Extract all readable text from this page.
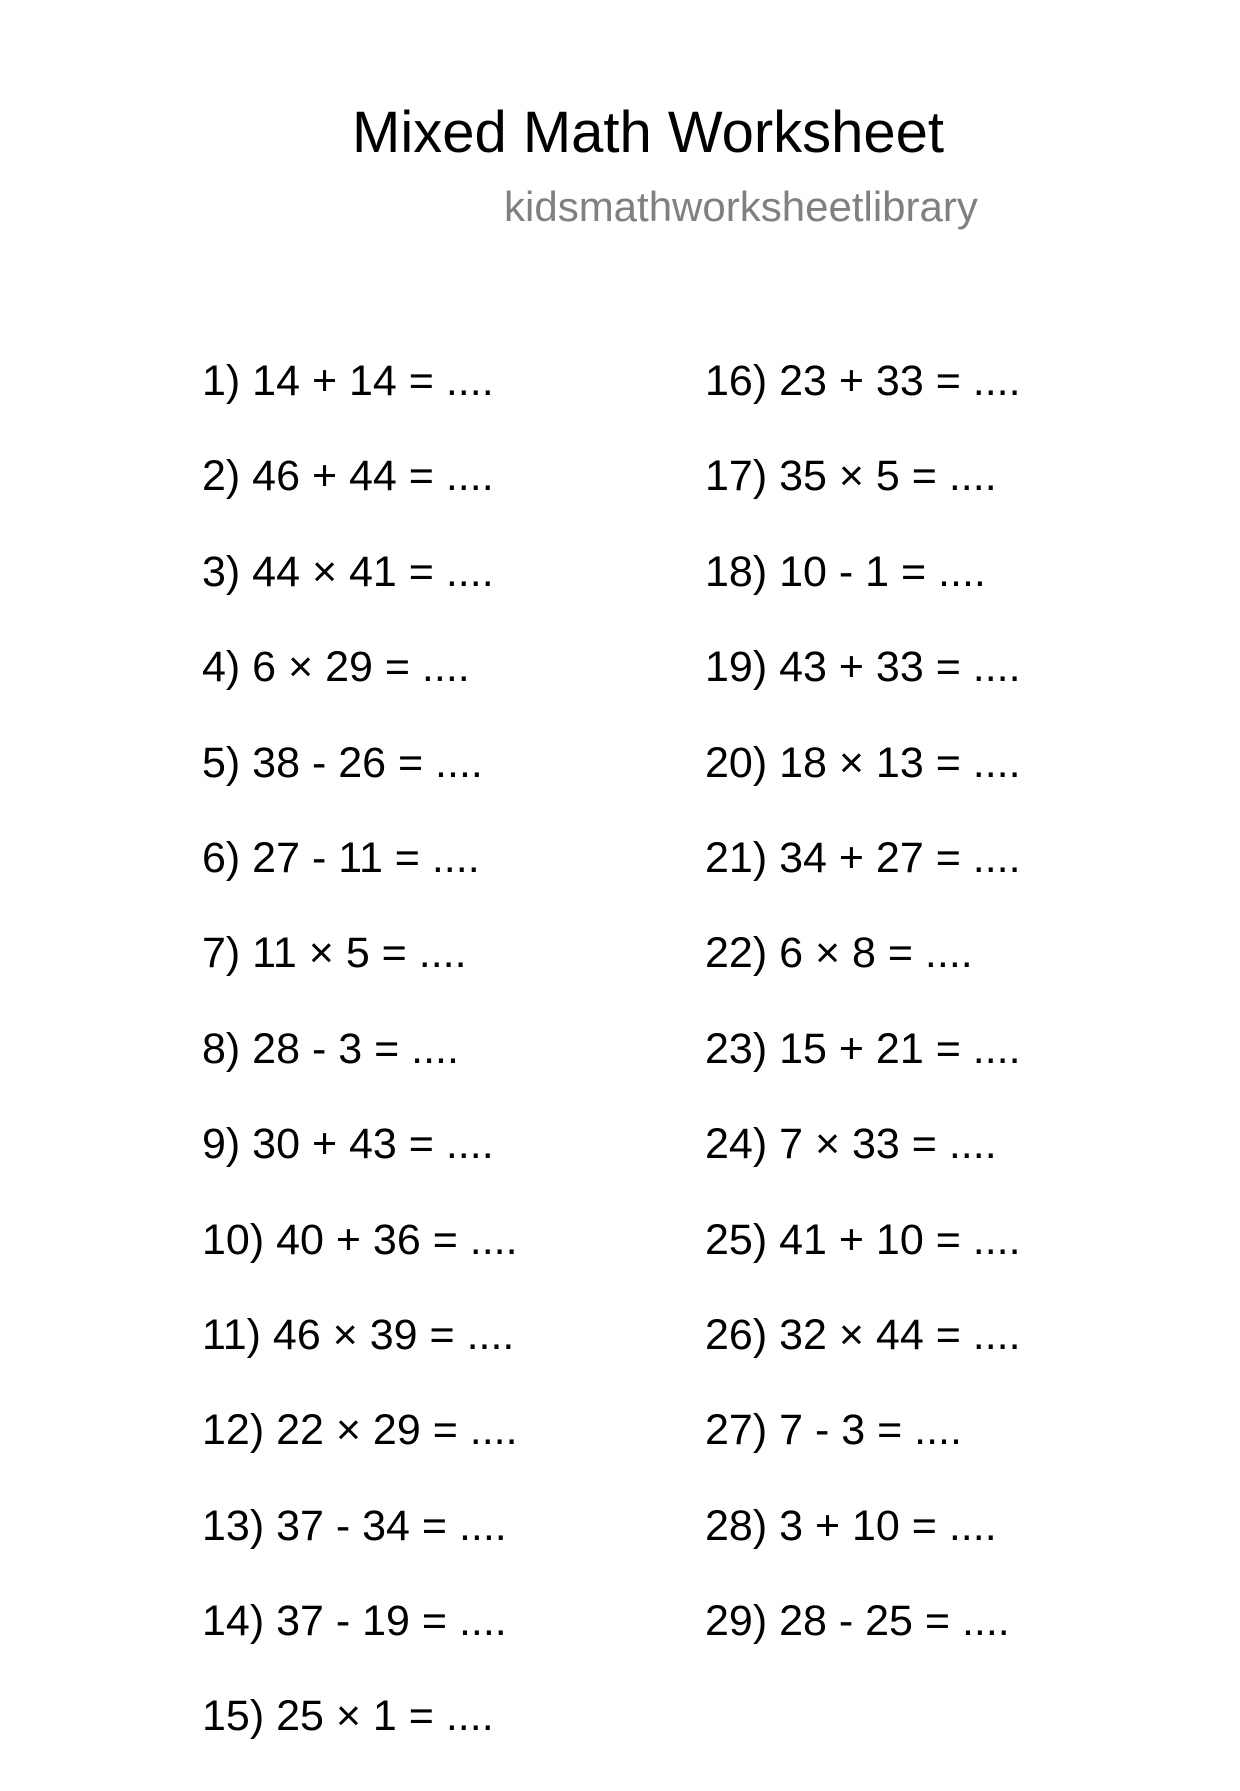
Mixed Math Worksheet
kidsmathworksheetlibrary
1) 14 + 14 = ....
2) 46 + 44 = ....
3) 44 × 41 = ....
4) 6 × 29 = ....
5) 38 - 26 = ....
6) 27 - 11 = ....
7) 11 × 5 = ....
8) 28 - 3 = ....
9) 30 + 43 = ....
10) 40 + 36 = ....
11) 46 × 39 = ....
12) 22 × 29 = ....
13) 37 - 34 = ....
14) 37 - 19 = ....
15) 25 × 1 = ....
16) 23 + 33 = ....
17) 35 × 5 = ....
18) 10 - 1 = ....
19) 43 + 33 = ....
20) 18 × 13 = ....
21) 34 + 27 = ....
22) 6 × 8 = ....
23) 15 + 21 = ....
24) 7 × 33 = ....
25) 41 + 10 = ....
26) 32 × 44 = ....
27) 7 - 3 = ....
28) 3 + 10 = ....
29) 28 - 25 = ....
